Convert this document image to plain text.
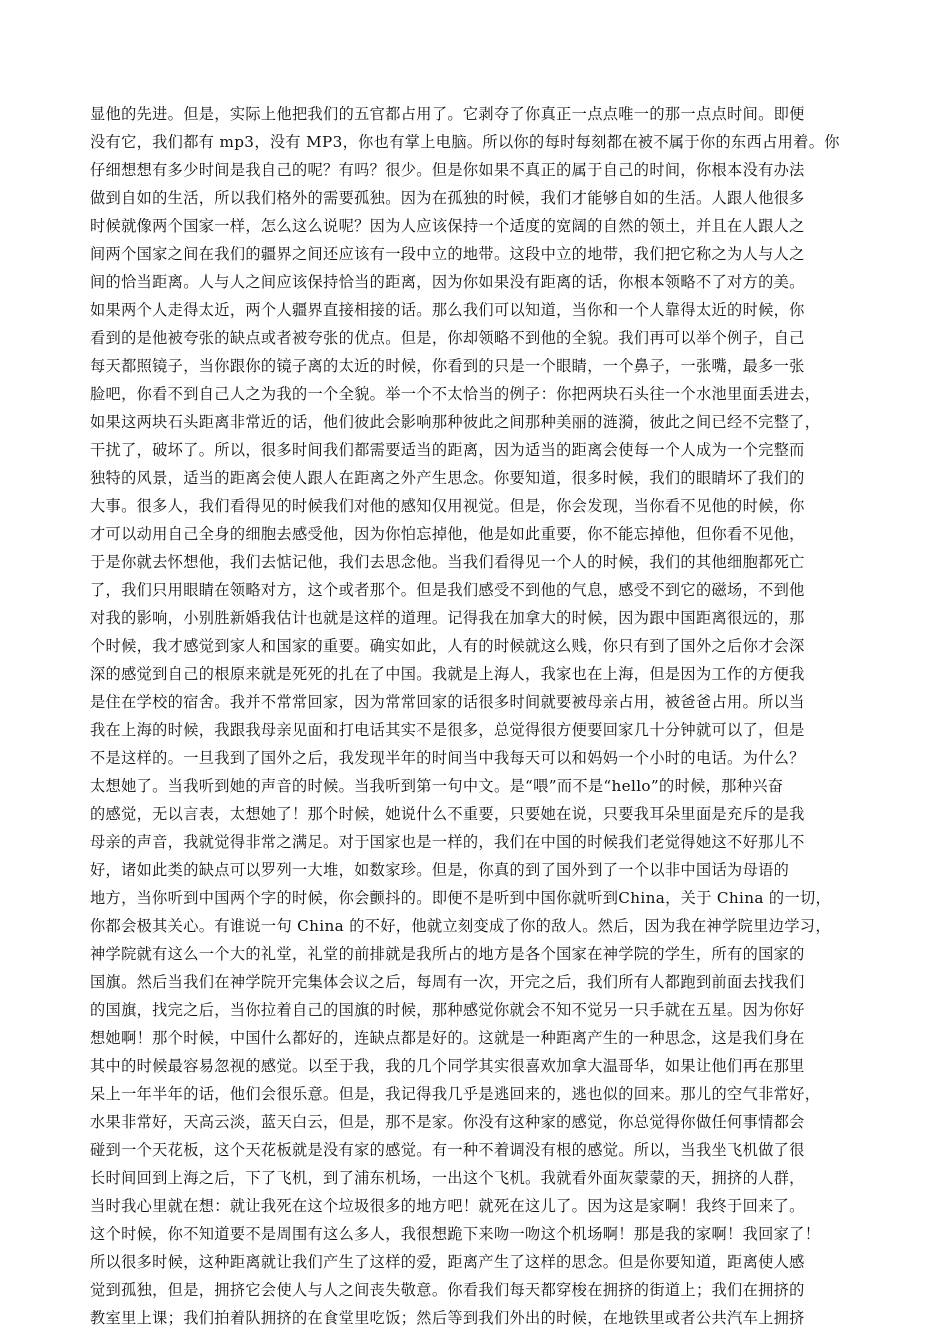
显他的先进。但是，实际上他把我们的五官都占用了。它剥夺了你真正一点点唯一的那一点点时间。即便
没有它，我们都有 mp3，没有 MP3，你也有掌上电脑。所以你的每时每刻都在被不属于你的东西占用着。你
仔细想想有多少时间是我自己的呢？有吗？很少。但是你如果不真正的属于自己的时间，你根本没有办法
做到自如的生活，所以我们格外的需要孤独。因为在孤独的时候，我们才能够自如的生活。人跟人他很多
时候就像两个国家一样，怎么这么说呢？因为人应该保持一个适度的宽阔的自然的领土，并且在人跟人之
间两个国家之间在我们的疆界之间还应该有一段中立的地带。这段中立的地带，我们把它称之为人与人之
间的恰当距离。人与人之间应该保持恰当的距离，因为你如果没有距离的话，你根本领略不了对方的美。
如果两个人走得太近，两个人疆界直接相接的话。那么我们可以知道，当你和一个人靠得太近的时候，你
看到的是他被夸张的缺点或者被夸张的优点。但是，你却领略不到他的全貌。我们再可以举个例子，自己
每天都照镜子，当你跟你的镜子离的太近的时候，你看到的只是一个眼睛，一个鼻子，一张嘴，最多一张
脸吧，你看不到自己人之为我的一个全貌。举一个不太恰当的例子：你把两块石头往一个水池里面丢进去，
如果这两块石头距离非常近的话，他们彼此会影响那种彼此之间那种美丽的涟漪，彼此之间已经不完整了，
干扰了，破坏了。所以，很多时间我们都需要适当的距离，因为适当的距离会使每一个人成为一个完整而
独特的风景，适当的距离会使人跟人在距离之外产生思念。你要知道，很多时候，我们的眼睛坏了我们的
大事。很多人，我们看得见的时候我们对他的感知仅用视觉。但是，你会发现，当你看不见他的时候，你
才可以动用自己全身的细胞去感受他，因为你怕忘掉他，他是如此重要，你不能忘掉他，但你看不见他，
于是你就去怀想他，我们去惦记他，我们去思念他。当我们看得见一个人的时候，我们的其他细胞都死亡
了，我们只用眼睛在领略对方，这个或者那个。但是我们感受不到他的气息，感受不到它的磁场，不到他
对我的影响，小别胜新婚我估计也就是这样的道理。记得我在加拿大的时候，因为跟中国距离很远的，那
个时候，我才感觉到家人和国家的重要。确实如此，人有的时候就这么贱，你只有到了国外之后你才会深
深的感觉到自己的根原来就是死死的扎在了中国。我就是上海人，我家也在上海，但是因为工作的方便我
是住在学校的宿舍。我并不常常回家，因为常常回家的话很多时间就要被母亲占用，被爸爸占用。所以当
我在上海的时候，我跟我母亲见面和打电话其实不是很多，总觉得很方便要回家几十分钟就可以了，但是
不是这样的。一旦我到了国外之后，我发现半年的时间当中我每天可以和妈妈一个小时的电话。为什么？
太想她了。当我听到她的声音的时候。当我听到第一句中文。是“喂”而不是“hello”的时候，那种兴奋
的感觉，无以言表，太想她了！那个时候，她说什么不重要，只要她在说，只要我耳朵里面是充斥的是我
母亲的声音，我就觉得非常之满足。对于国家也是一样的，我们在中国的时候我们老觉得她这不好那儿不
好，诸如此类的缺点可以罗列一大堆，如数家珍。但是，你真的到了国外到了一个以非中国话为母语的
地方，当你听到中国两个字的时候，你会颤抖的。即便不是听到中国你就听到China，关于 China 的一切，
你都会极其关心。有谁说一句 China 的不好，他就立刻变成了你的敌人。然后，因为我在神学院里边学习，
神学院就有这么一个大的礼堂，礼堂的前排就是我所占的地方是各个国家在神学院的学生，所有的国家的
国旗。然后当我们在神学院开完集体会议之后，每周有一次，开完之后，我们所有人都跑到前面去找我们
的国旗，找完之后，当你拉着自己的国旗的时候，那种感觉你就会不知不觉另一只手就在五星。因为你好
想她啊！那个时候，中国什么都好的，连缺点都是好的。这就是一种距离产生的一种思念，这是我们身在
其中的时候最容易忽视的感觉。以至于我，我的几个同学其实很喜欢加拿大温哥华，如果让他们再在那里
呆上一年半年的话，他们会很乐意。但是，我记得我几乎是逃回来的，逃也似的回来。那儿的空气非常好，
水果非常好，天高云淡，蓝天白云，但是，那不是家。你没有这种家的感觉，你总觉得你做任何事情都会
碰到一个天花板，这个天花板就是没有家的感觉。有一种不着调没有根的感觉。所以，当我坐飞机做了很
长时间回到上海之后，下了飞机，到了浦东机场，一出这个飞机。我就看外面灰蒙蒙的天，拥挤的人群，
当时我心里就在想：就让我死在这个垃圾很多的地方吧！就死在这儿了。因为这是家啊！我终于回来了。
这个时候，你不知道要不是周围有这么多人，我很想跪下来吻一吻这个机场啊！那是我的家啊！我回家了！
所以很多时候，这种距离就让我们产生了这样的爱，距离产生了这样的思念。但是你要知道，距离使人感
觉到孤独，但是，拥挤它会使人与人之间丧失敬意。你看我们每天都穿梭在拥挤的街道上；我们在拥挤的
教室里上课；我们拍着队拥挤的在食堂里吃饭；然后等到我们外出的时候，在地铁里或者公共汽车上拥挤
